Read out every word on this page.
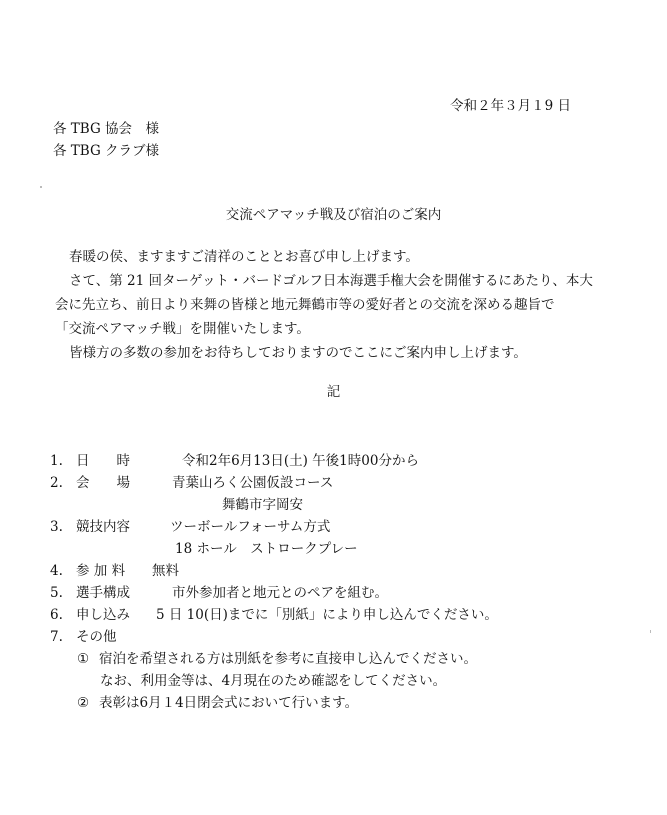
令和２年３月１9 日
各 TBG 協会　様
各 TBG クラブ様
交流ペアマッチ戦及び宿泊のご案内
春暖の侯、ますますご清祥のこととお喜び申し上げます。
さて、第 21 回ターゲット・バードゴルフ日本海選手権大会を開催するにあたり、本大
会に先立ち、前日より来舞の皆様と地元舞鶴市等の愛好者との交流を深める趣旨で
「交流ペアマッチ戦」を開催いたします。
皆様方の多数の参加をお待ちしておりますのでここにご案内申し上げます。
記
1. 日　　時	令和2年6月13日(土) 午後1時00分から
2. 会　　場	青葉山ろく公園仮設コース
舞鶴市字岡安
3. 競技内容	ツーボールフォーサム方式
18 ホール　ストロークプレー
4. 参 加 料 無料
5. 選手構成	市外参加者と地元とのペアを組む。
6. 申し込み 5 日 10(日)までに「別紙」により申し込んでください。
7. その他
① 宿泊を希望される方は別紙を参考に直接申し込んでください。
なお、利用金等は、4月現在のため確認をしてください。
② 表彰は6月１4日閉会式において行います。
